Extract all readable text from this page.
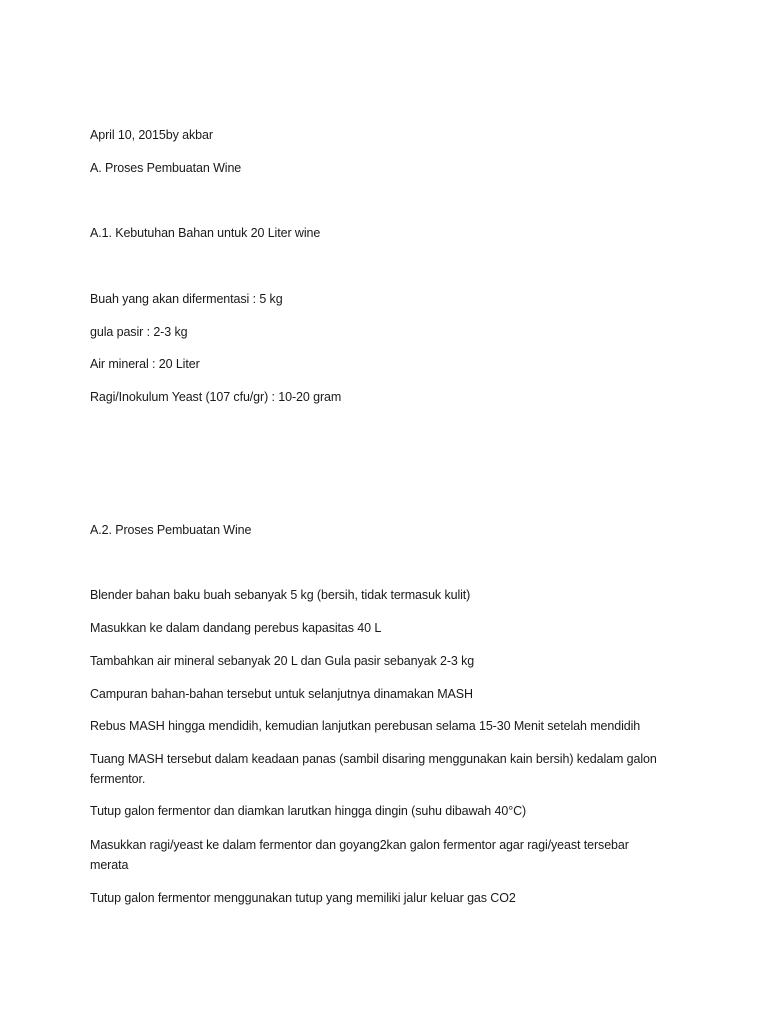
April 10, 2015by akbar
A. Proses Pembuatan Wine
A.1. Kebutuhan Bahan untuk 20 Liter wine
Buah yang akan difermentasi : 5 kg
gula pasir : 2-3 kg
Air mineral : 20 Liter
Ragi/Inokulum Yeast (107 cfu/gr) : 10-20 gram
A.2. Proses Pembuatan Wine
Blender bahan baku buah sebanyak 5 kg (bersih, tidak termasuk kulit)
Masukkan ke dalam dandang perebus kapasitas 40 L
Tambahkan air mineral sebanyak 20 L dan Gula pasir sebanyak 2-3 kg
Campuran bahan-bahan tersebut untuk selanjutnya dinamakan MASH
Rebus MASH hingga mendidih, kemudian lanjutkan perebusan selama 15-30 Menit setelah mendidih
Tuang MASH tersebut dalam keadaan panas (sambil disaring menggunakan kain bersih) kedalam galon fermentor.
Tutup galon fermentor dan diamkan larutkan hingga dingin (suhu dibawah 40°C)
Masukkan ragi/yeast ke dalam fermentor dan goyang2kan galon fermentor agar ragi/yeast tersebar merata
Tutup galon fermentor menggunakan tutup yang memiliki jalur keluar gas CO2
